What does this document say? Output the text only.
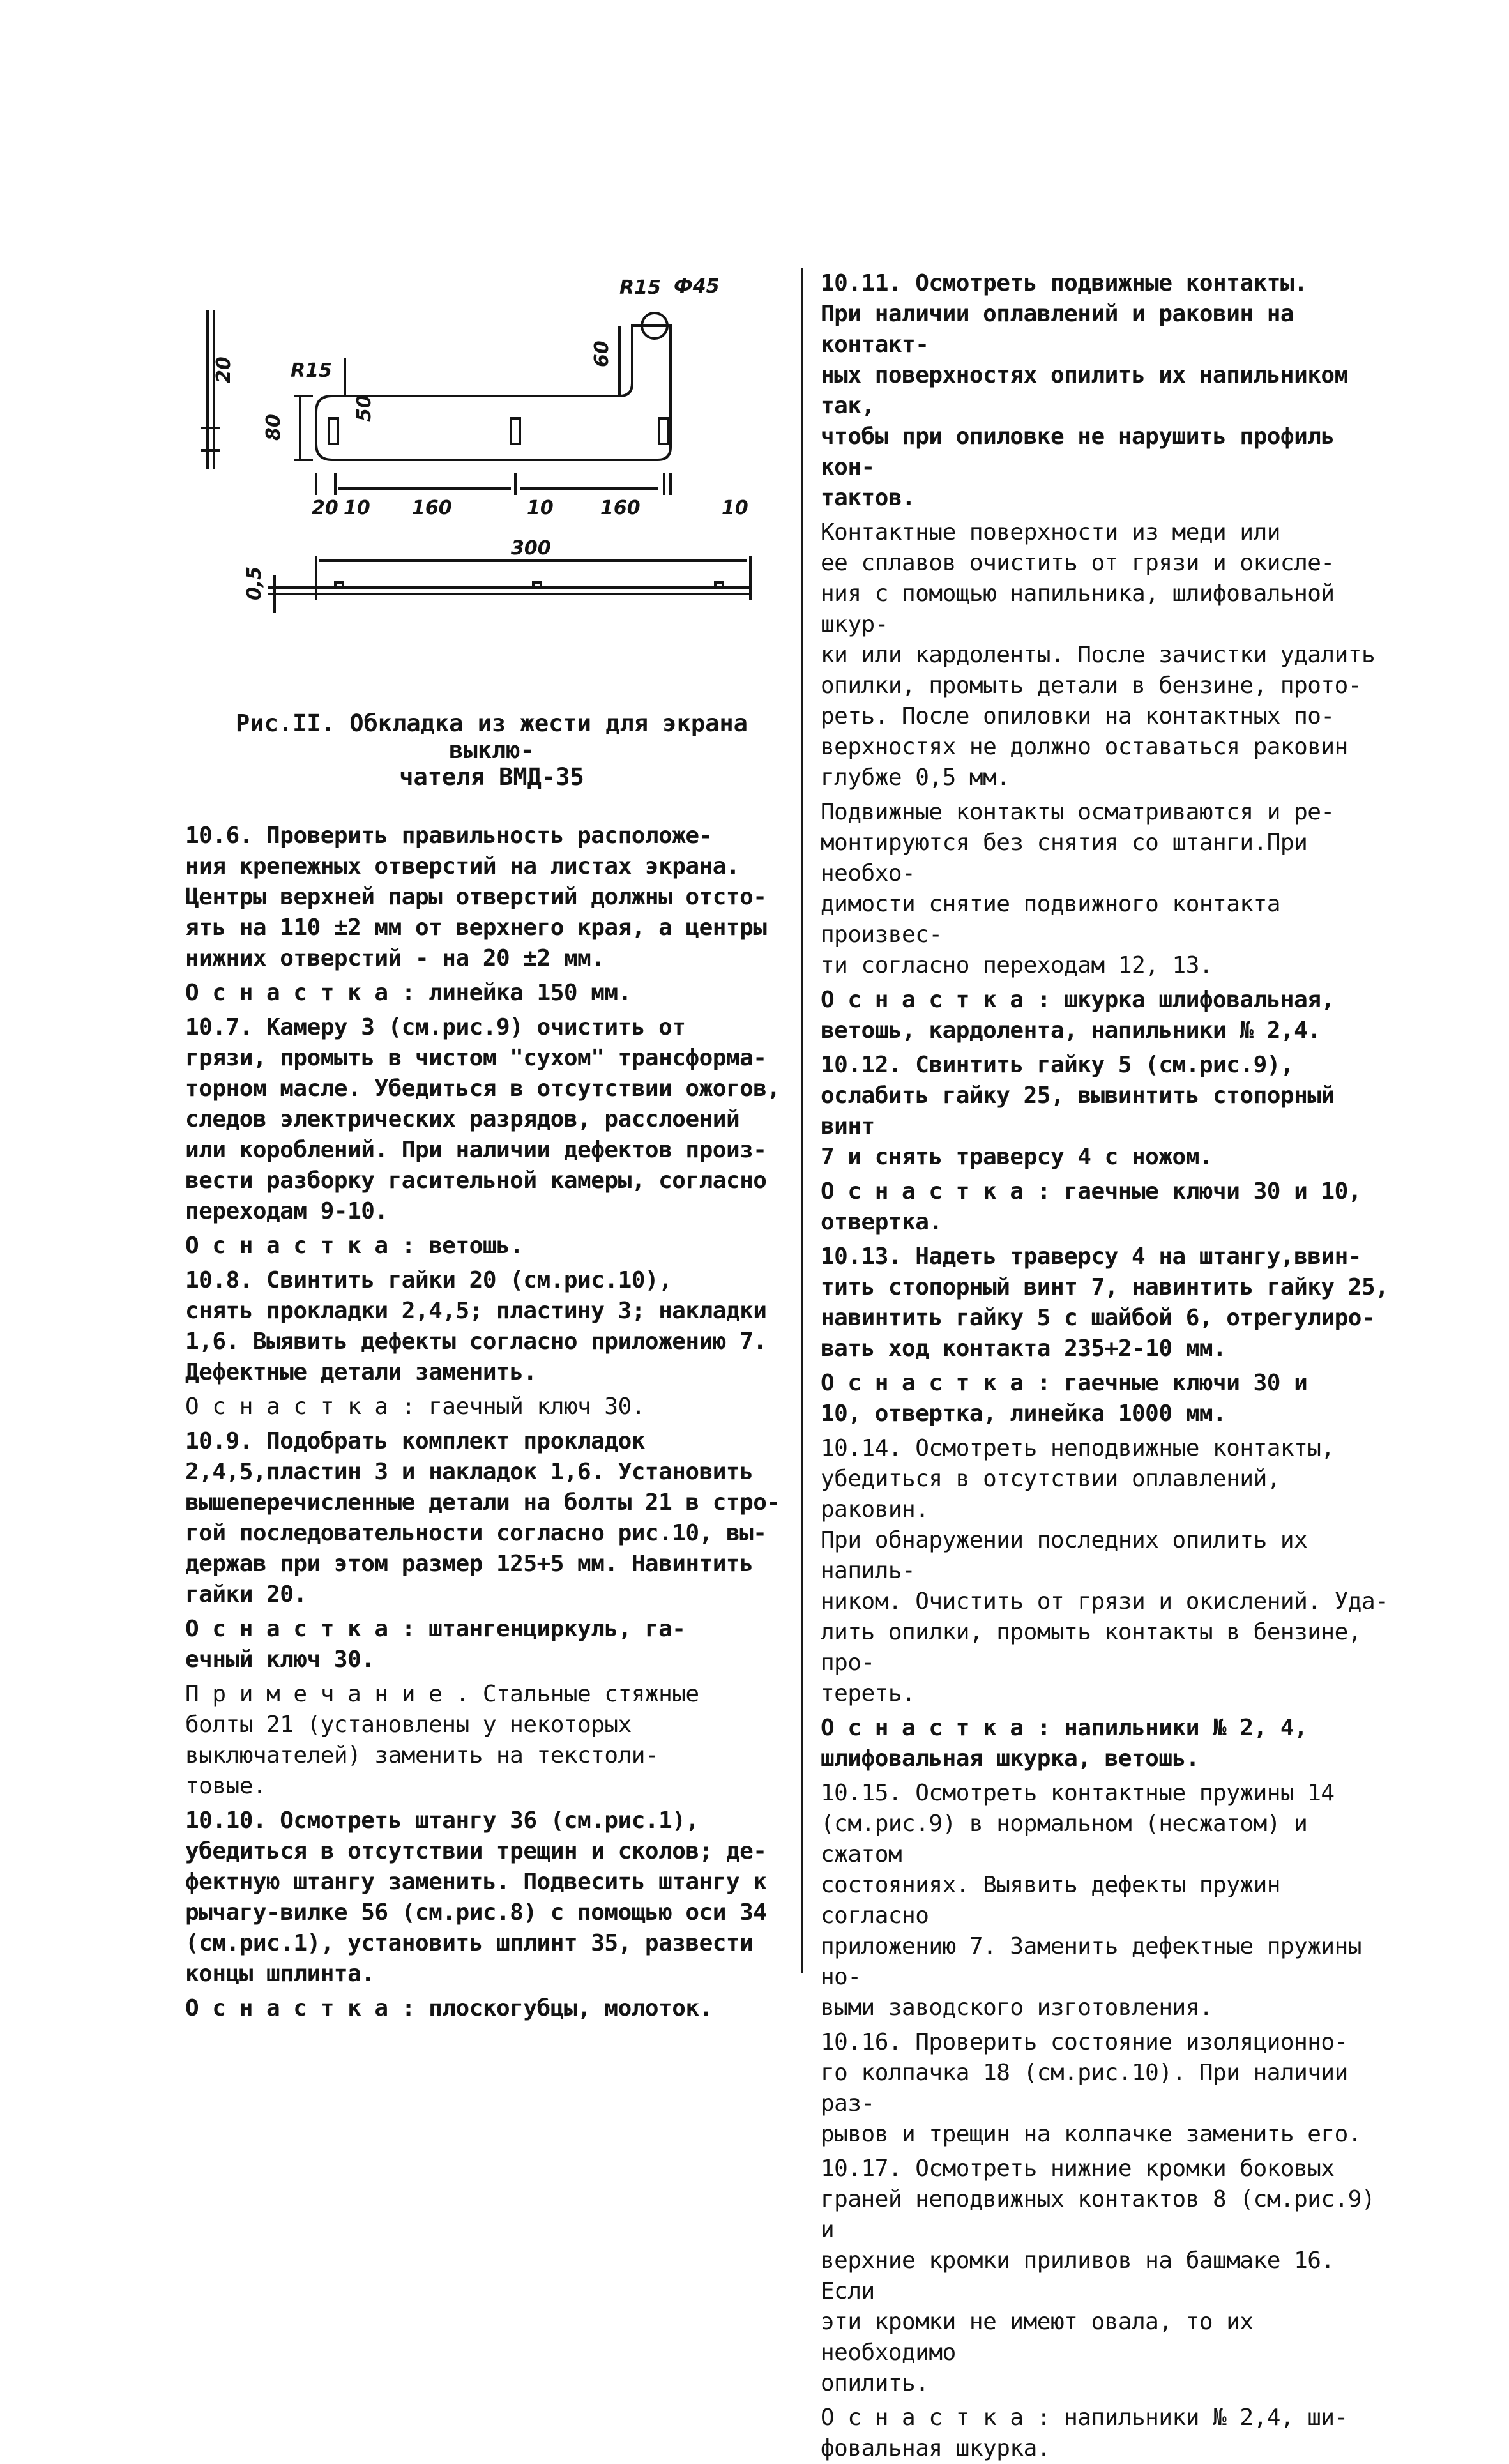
R15 Ф45
60
R15
50
80
20
20 10 160	10 160	10
300
0,5
Рис.II. Обкладка из жести для экрана выклю-
чателя ВМД-35

10.6. Проверить правильность расположе-
ния крепежных отверстий на листах экрана.
Центры верхней пары отверстий должны отсто-
ять на 110 ±2 мм от верхнего края, а центры
нижних отверстий - на 20 ±2 мм.

О с н а с т к а : линейка 150 мм.

10.7. Камеру 3 (см.рис.9) очистить от
грязи, промыть в чистом "сухом" трансформа-
торном масле. Убедиться в отсутствии ожогов,
следов электрических разрядов, расслоений
или короблений. При наличии дефектов произ-
вести разборку гасительной камеры, согласно
переходам 9-10.

О с н а с т к а : ветошь.

10.8. Свинтить гайки 20 (см.рис.10),
снять прокладки 2,4,5; пластину 3; накладки
1,6. Выявить дефекты согласно приложению 7.
Дефектные детали заменить.

О с н а с т к а : гаечный ключ 30.

10.9. Подобрать комплект прокладок
2,4,5,пластин 3 и накладок 1,6. Установить
вышеперечисленные детали на болты 21 в стро-
гой последовательности согласно рис.10, вы-
держав при этом размер 125+5 мм. Навинтить
гайки 20.

О с н а с т к а : штангенциркуль, га-
ечный ключ 30.

П р и м е ч а н и е . Стальные стяжные
болты 21 (установлены у некоторых
выключателей) заменить на текстоли-
товые.

10.10. Осмотреть штангу 36 (см.рис.1),
убедиться в отсутствии трещин и сколов; де-
фектную штангу заменить. Подвесить штангу к
рычагу-вилке 56 (см.рис.8) с помощью оси 34
(см.рис.1), установить шплинт 35, развести
концы шплинта.

О с н а с т к а : плоскогубцы, молоток.

10.11. Осмотреть подвижные контакты.
При наличии оплавлений и раковин на контакт-
ных поверхностях опилить их напильником так,
чтобы при опиловке не нарушить профиль кон-
тактов.

Контактные поверхности из меди или
ее сплавов очистить от грязи и окисле-
ния с помощью напильника, шлифовальной шкур-
ки или кардоленты. После зачистки удалить
опилки, промыть детали в бензине, прото-
реть. После опиловки на контактных по-
верхностях не должно оставаться раковин
глубже 0,5 мм.

Подвижные контакты осматриваются и ре-
монтируются без снятия со штанги.При необхо-
димости снятие подвижного контакта произвес-
ти согласно переходам 12, 13.

О с н а с т к а : шкурка шлифовальная,
ветошь, кардолента, напильники № 2,4.

10.12. Свинтить гайку 5 (см.рис.9),
ослабить гайку 25, вывинтить стопорный винт
7 и снять траверсу 4 с ножом.

О с н а с т к а : гаечные ключи 30 и 10,
отвертка.

10.13. Надеть траверсу 4 на штангу,ввин-
тить стопорный винт 7, навинтить гайку 25,
навинтить гайку 5 с шайбой 6, отрегулиро-
вать ход контакта 235+2-10 мм.

О с н а с т к а : гаечные ключи 30 и
10, отвертка, линейка 1000 мм.

10.14. Осмотреть неподвижные контакты,
убедиться в отсутствии оплавлений, раковин.
При обнаружении последних опилить их напиль-
ником. Очистить от грязи и окислений. Уда-
лить опилки, промыть контакты в бензине, про-
тереть.

О с н а с т к а : напильники № 2, 4,
шлифовальная шкурка, ветошь.

10.15. Осмотреть контактные пружины 14
(см.рис.9) в нормальном (несжатом) и сжатом
состояниях. Выявить дефекты пружин согласно
приложению 7. Заменить дефектные пружины но-
выми заводского изготовления.

10.16. Проверить состояние изоляционно-
го колпачка 18 (см.рис.10). При наличии раз-
рывов и трещин на колпачке заменить его.

10.17. Осмотреть нижние кромки боковых
граней неподвижных контактов 8 (см.рис.9) и
верхние кромки приливов на башмаке 16. Если
эти кромки не имеют овала, то их необходимо
опилить.

О с н а с т к а : напильники № 2,4, ши-
фовальная шкурка.
